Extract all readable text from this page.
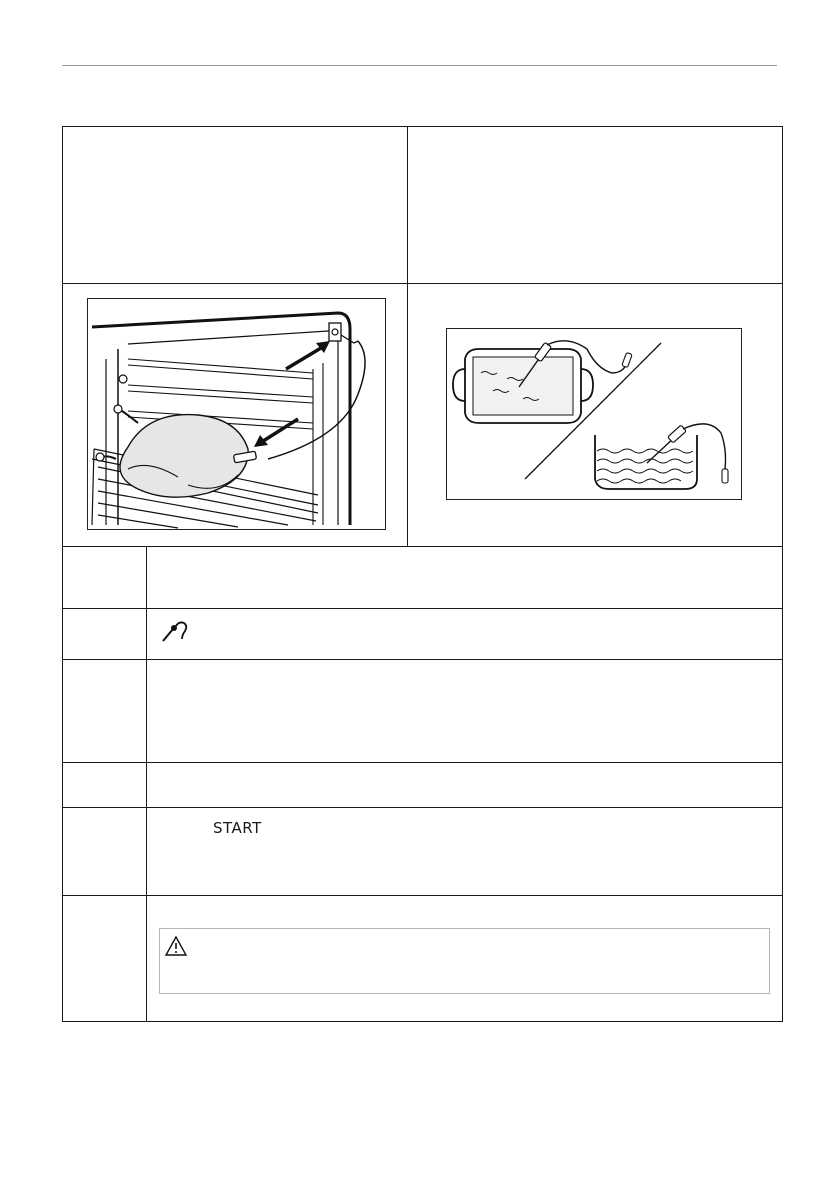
	START	
